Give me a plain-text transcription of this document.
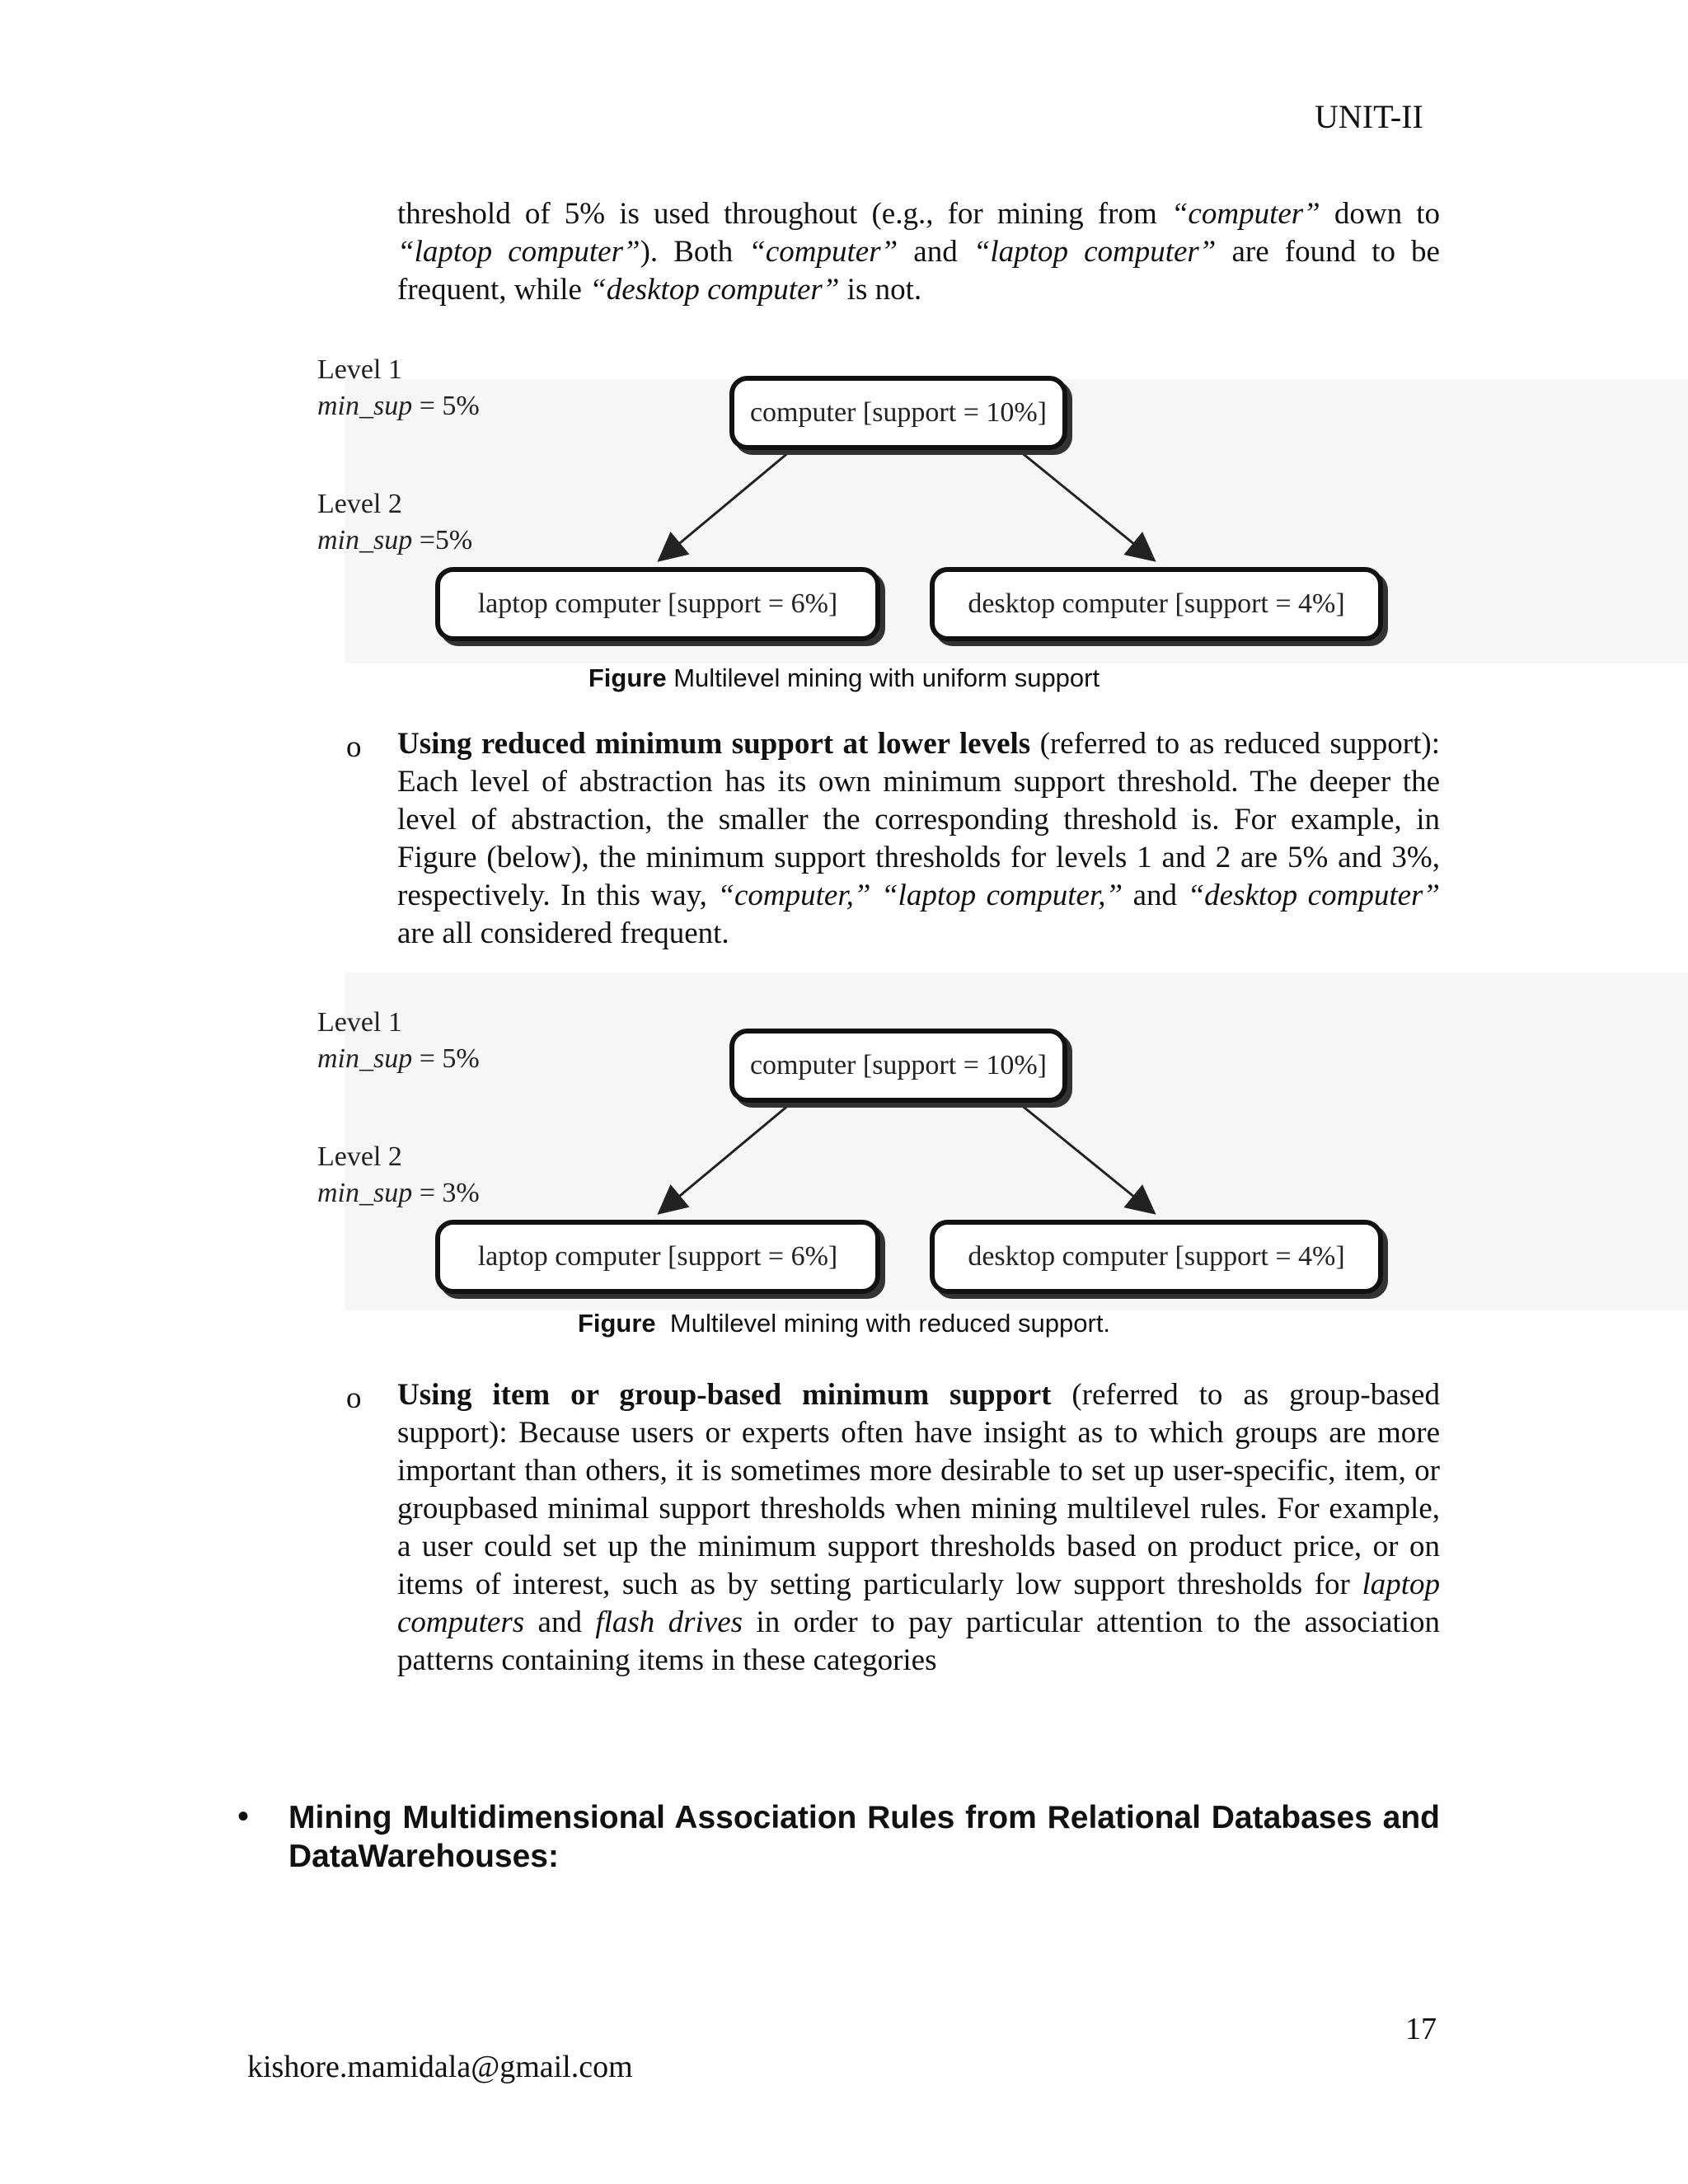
UNIT-II

threshold of 5% is used throughout (e.g., for mining from “computer” down to “laptop computer”). Both “computer” and “laptop computer” are found to be frequent, while “desktop computer” is not.

Level 1
min_sup = 5%
Level 2
min_sup =5%
computer [support = 10%]
laptop computer [support = 6%]	desktop computer [support = 4%]
Figure Multilevel mining with uniform support
o Using reduced minimum support at lower levels (referred to as reduced support): Each level of abstraction has its own minimum support threshold. The deeper the level of abstraction, the smaller the corresponding threshold is. For example, in Figure (below), the minimum support thresholds for levels 1 and 2 are 5% and 3%, respectively. In this way, “computer,” “laptop computer,” and “desktop computer” are all considered frequent.

Level 1
min_sup = 5%
Level 2
min_sup = 3%
computer [support = 10%]
laptop computer [support = 6%]	desktop computer [support = 4%]
Figure  Multilevel mining with reduced support.
o Using item or group-based minimum support (referred to as group-based support): Because users or experts often have insight as to which groups are more important than others, it is sometimes more desirable to set up user-specific, item, or groupbased minimal support thresholds when mining multilevel rules. For example, a user could set up the minimum support thresholds based on product price, or on items of interest, such as by setting particularly low support thresholds for laptop computers and flash drives in order to pay particular attention to the association patterns containing items in these categories

• Mining Multidimensional Association Rules from Relational Databases and DataWarehouses:
17
kishore.mamidala@gmail.com
